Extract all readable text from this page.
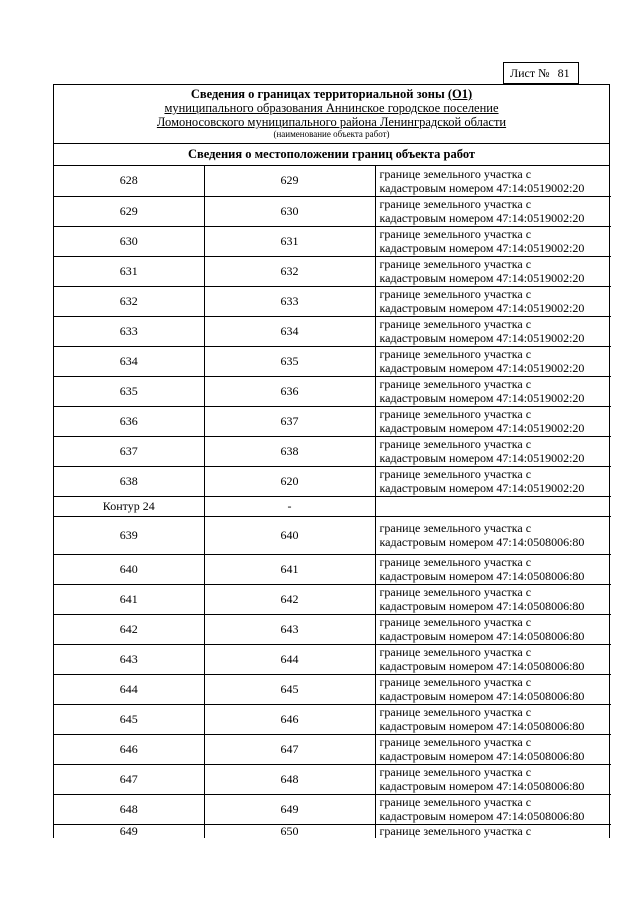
Лист № 81
Сведения о границах территориальной зоны (О1)
муниципального образования Аннинское городское поселение
Ломоносовского муниципального района Ленинградской области
(наименование объекта работ)
Сведения о местоположении границ объекта работ
628	629	границе земельного участка с
кадастровым номером 47:14:0519002:20

629	630	границе земельного участка с
кадастровым номером 47:14:0519002:20

630	631	границе земельного участка с
кадастровым номером 47:14:0519002:20

631	632	границе земельного участка с
кадастровым номером 47:14:0519002:20

632	633	границе земельного участка с
кадастровым номером 47:14:0519002:20

633	634	границе земельного участка с
кадастровым номером 47:14:0519002:20

634	635	границе земельного участка с
кадастровым номером 47:14:0519002:20

635	636	границе земельного участка с
кадастровым номером 47:14:0519002:20

636	637	границе земельного участка с
кадастровым номером 47:14:0519002:20

637	638	границе земельного участка с
кадастровым номером 47:14:0519002:20

638	620	границе земельного участка с
кадастровым номером 47:14:0519002:20

Контур 24	-	

639	640	границе земельного участка с
кадастровым номером 47:14:0508006:80

640	641	границе земельного участка с
кадастровым номером 47:14:0508006:80

641	642	границе земельного участка с
кадастровым номером 47:14:0508006:80

642	643	границе земельного участка с
кадастровым номером 47:14:0508006:80

643	644	границе земельного участка с
кадастровым номером 47:14:0508006:80

644	645	границе земельного участка с
кадастровым номером 47:14:0508006:80

645	646	границе земельного участка с
кадастровым номером 47:14:0508006:80

646	647	границе земельного участка с
кадастровым номером 47:14:0508006:80

647	648	границе земельного участка с
кадастровым номером 47:14:0508006:80

648	649	границе земельного участка с
кадастровым номером 47:14:0508006:80

649	650	границе земельного участка с
